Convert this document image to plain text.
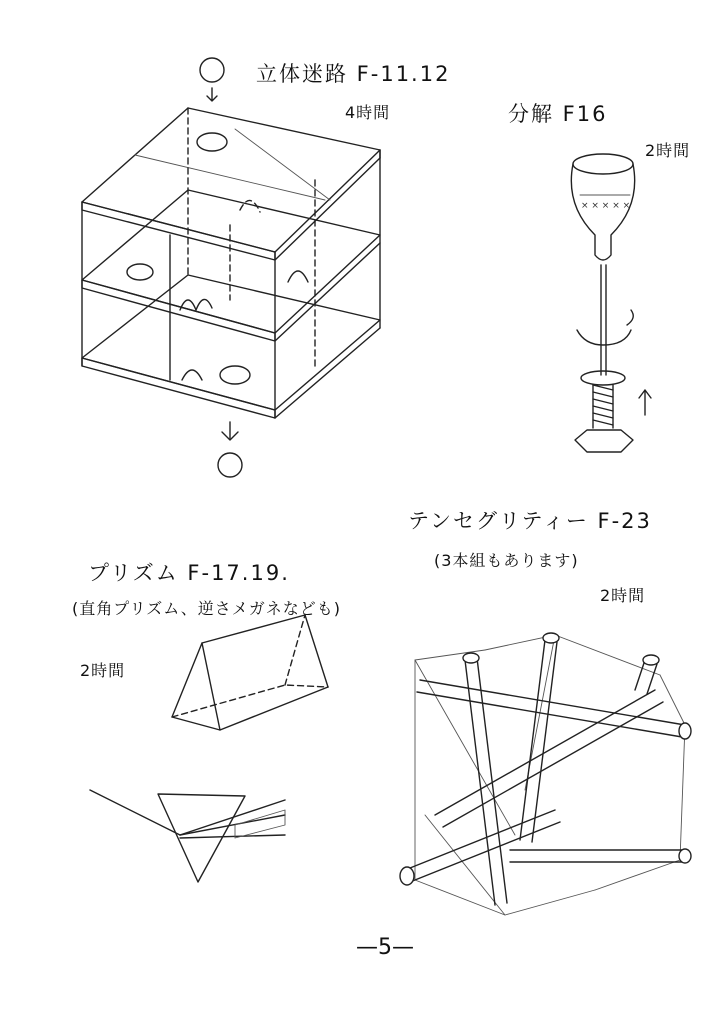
立体迷路 F-11.12
4時間	分解 F16
2時間
× × × × ×
テンセグリティー F-23
(3本組もあります)
2時間
プリズム F-17.19.
(直角プリズム、逆さメガネなども)
2時間
—5—
